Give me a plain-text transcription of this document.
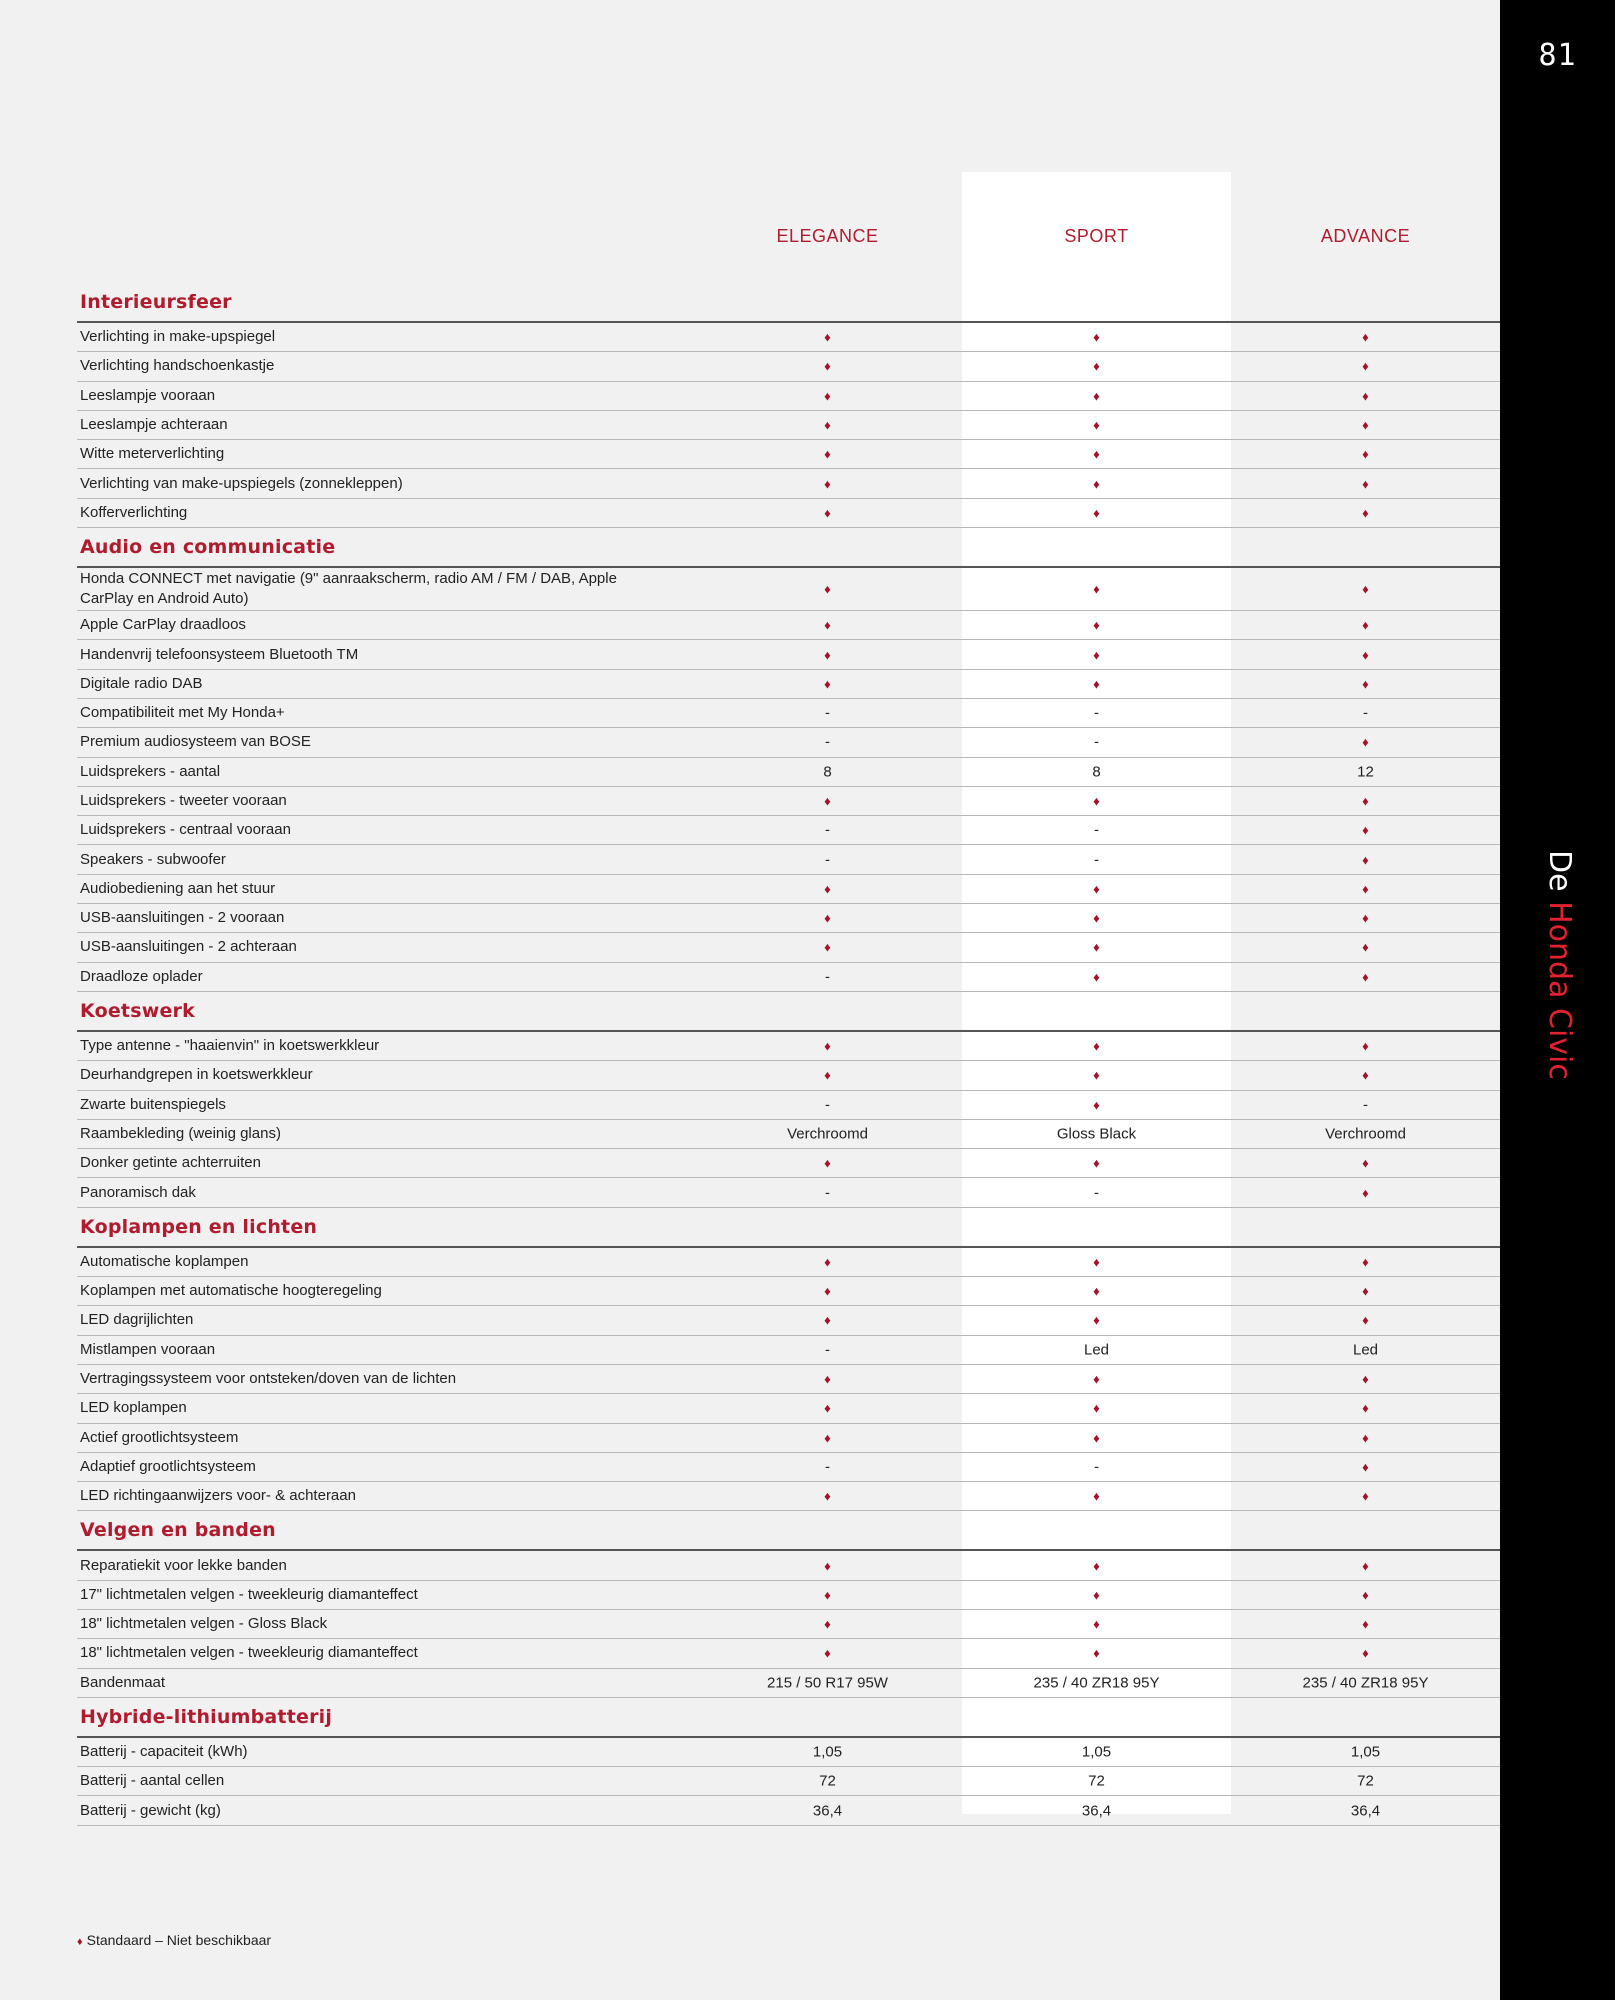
ELEGANCE	SPORT	ADVANCE
Interieursfeer
Verlichting in make-upspiegel	♦	♦	♦
Verlichting handschoenkastje	♦	♦	♦
Leeslampje vooraan	♦	♦	♦
Leeslampje achteraan	♦	♦	♦
Witte meterverlichting	♦	♦	♦
Verlichting van make-upspiegels (zonnekleppen)	♦	♦	♦
Kofferverlichting	♦	♦	♦
Audio en communicatie
Honda CONNECT met navigatie (9" aanraakscherm, radio AM / FM / DAB, Apple CarPlay en Android Auto)
♦	♦	♦
Apple CarPlay draadloos	♦	♦	♦
Handenvrij telefoonsysteem Bluetooth TM	♦	♦	♦
Digitale radio DAB	♦	♦	♦
Compatibiliteit met My Honda+	-	-	-
Premium audiosysteem van BOSE	-	-	♦
Luidsprekers - aantal	8	8	12
Luidsprekers - tweeter vooraan	♦	♦	♦
Luidsprekers - centraal vooraan	-	-	♦
Speakers - subwoofer	-	-	♦
Audiobediening aan het stuur	♦	♦	♦
USB-aansluitingen - 2 vooraan	♦	♦	♦
USB-aansluitingen - 2 achteraan	♦	♦	♦
Draadloze oplader	-	♦	♦
Koetswerk
Type antenne - "haaienvin" in koetswerkkleur	♦	♦	♦
Deurhandgrepen in koetswerkkleur	♦	♦	♦
Zwarte buitenspiegels	-	♦	-
Raambekleding (weinig glans)	Verchroomd	Gloss Black	Verchroomd
Donker getinte achterruiten	♦	♦	♦
Panoramisch dak	-	-	♦
Koplampen en lichten
Automatische koplampen	♦	♦	♦
Koplampen met automatische hoogteregeling	♦	♦	♦
LED dagrijlichten	♦	♦	♦
Mistlampen vooraan	-	Led	Led
Vertragingssysteem voor ontsteken/doven van de lichten	♦	♦	♦
LED koplampen	♦	♦	♦
Actief grootlichtsysteem	♦	♦	♦
Adaptief grootlichtsysteem	-	-	♦
LED richtingaanwijzers voor- & achteraan	♦	♦	♦
Velgen en banden
Reparatiekit voor lekke banden	♦	♦	♦
17" lichtmetalen velgen - tweekleurig diamanteffect	♦	♦	♦
18" lichtmetalen velgen - Gloss Black	♦	♦	♦
18" lichtmetalen velgen - tweekleurig diamanteffect	♦	♦	♦
Bandenmaat	215 / 50 R17 95W	235 / 40 ZR18 95Y	235 / 40 ZR18 95Y
Hybride-lithiumbatterij
Batterij - capaciteit (kWh)	1,05	1,05	1,05
Batterij - aantal cellen	72	72	72
Batterij - gewicht (kg)	36,4	36,4	36,4
♦ Standaard – Niet beschikbaar
81
De Honda Civic
